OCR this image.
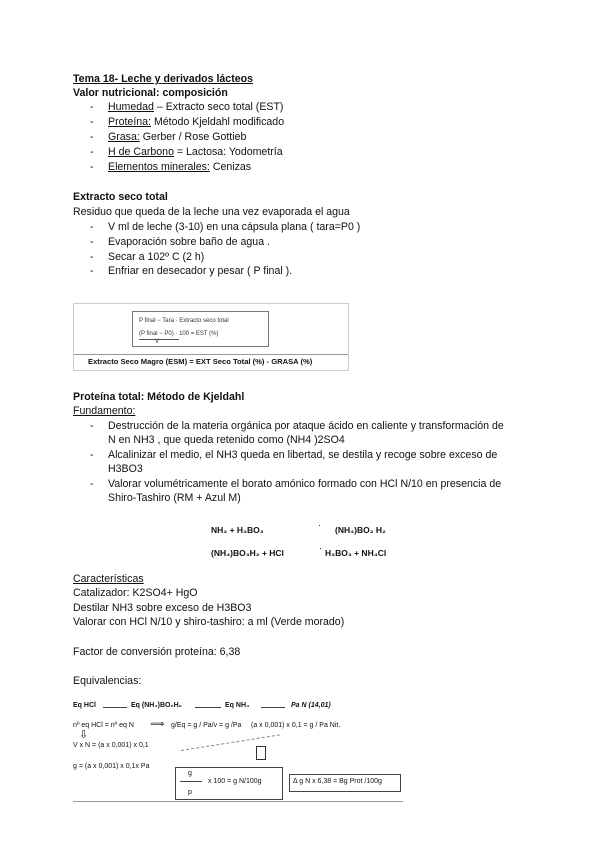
Tema 18- Leche y derivados lácteos
Valor nutricional: composición
- Humedad – Extracto seco total (EST)
- Proteína: Método Kjeldahl modificado
- Grasa: Gerber / Rose Gottieb
- H de Carbono = Lactosa: Yodometría
- Elementos minerales: Cenizas
Extracto seco total
Residuo que queda de la leche una vez evaporada el agua
- V ml de leche (3-10) en una cápsula plana ( tara=P0 )
- Evaporación sobre baño de agua .
- Secar a 102º C (2 h)
- Enfriar en desecador y pesar ( P final ).
P final − Tara · Extracto seco total
(P final − P0) · 100 = EST (%)
V
Extracto Seco Magro (ESM) = EXT Seco Total (%) - GRASA (%)
Proteína total: Método de Kjeldahl
Fundamento:
- Destrucción de la materia orgánica por ataque ácido en caliente y transformación de
N en NH3 , que queda retenido como (NH4 )2SO4
- Alcalinizar el medio, el NH3 queda en libertad, se destila y recoge sobre exceso de
H3BO3
- Valorar volumétricamente el borato amónico formado con HCl N/10 en presencia de
Shiro-Tashiro (RM + Azul M)
NH₃ + H₃BO₃	· (NH₄)BO₂ H₂
(NH₄)BO₃H₂ + HCl	· H₃BO₃ + NH₄Cl
Características
Catalizador: K2SO4+ HgO
Destilar NH3 sobre exceso de H3BO3
Valorar con HCl N/10 y shiro-tashiro: a ml (Verde morado)
Factor de conversión proteína: 6,38
Equivalencias:
Eq HCl	Eq (NH₄)BO₂H₂	Eq NH₄	Pa N (14,01)
nº eq HCl = nº eq N ⟹ g/Eq = g / Pa/v = g /Pa (a x 0,001) x 0,1 = g / Pa Nit.
⇩
V x N = (a x 0,001) x 0,1
g = (a x 0,001) x 0,1x Pa
g
x 100 = g N/100g
p
Δ g N x 6,38 = Bg Prot /100g
